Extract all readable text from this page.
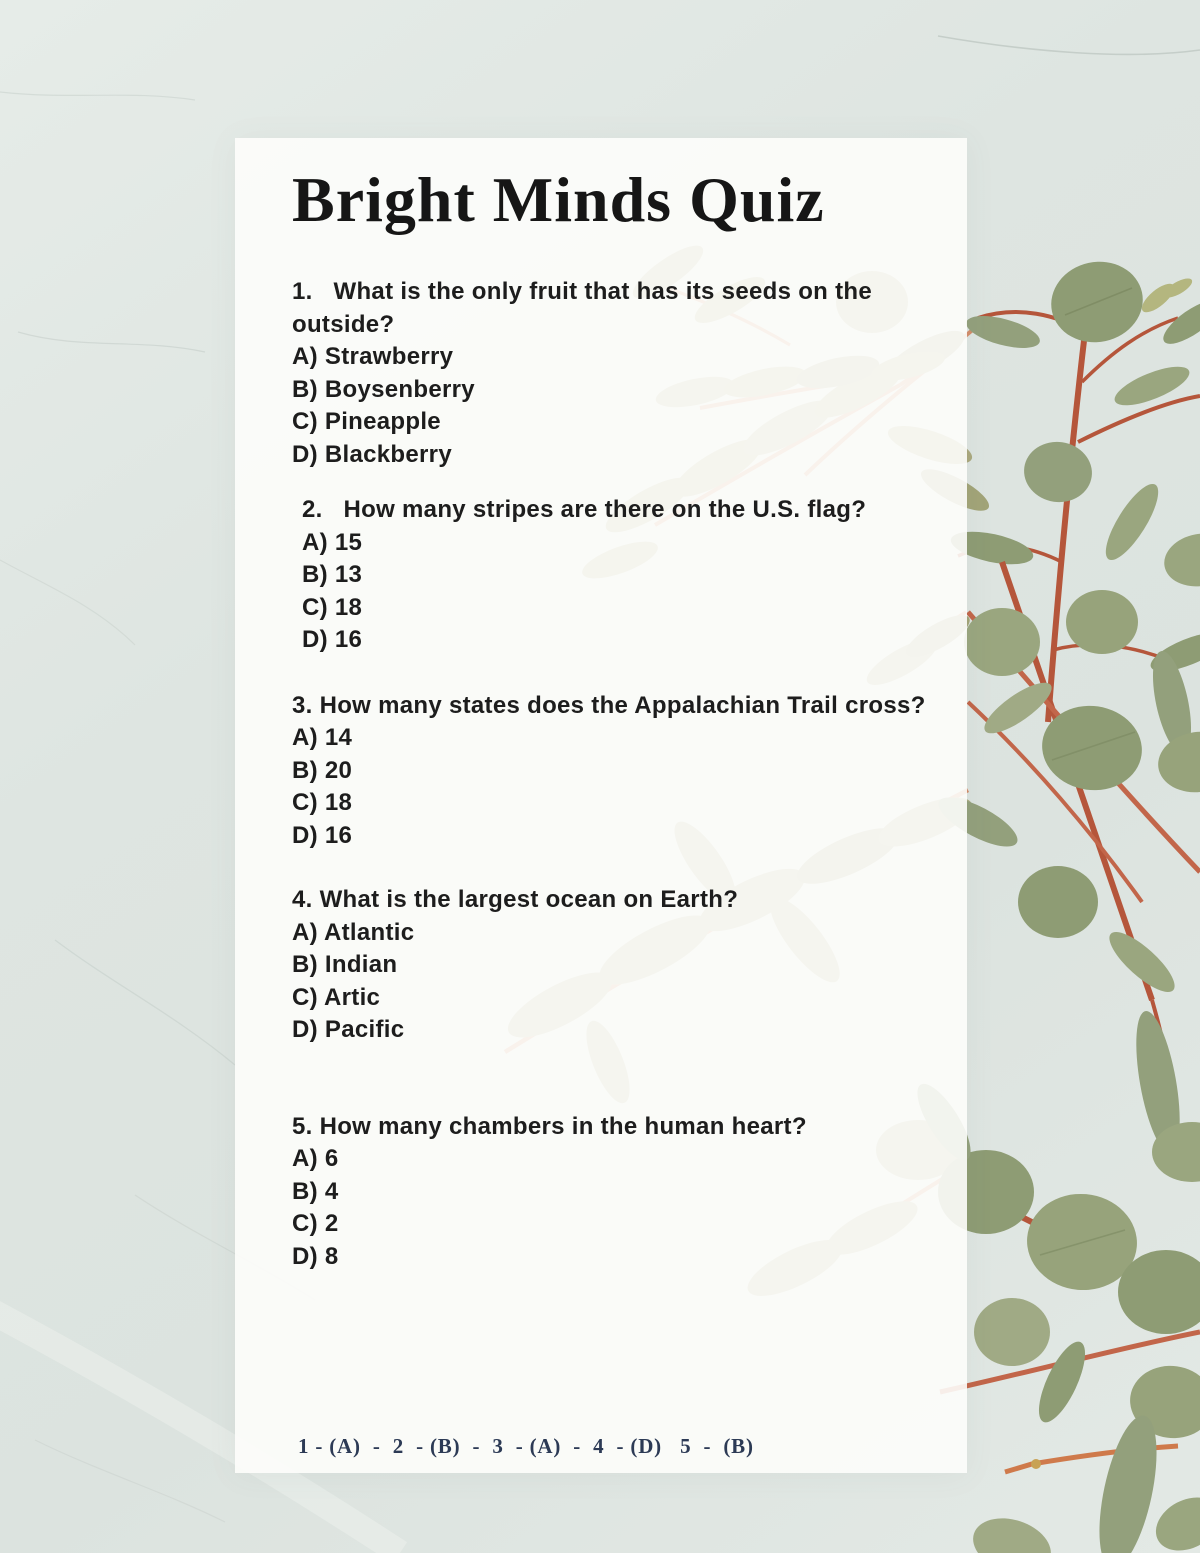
Bright Minds Quiz
1.   What is the only fruit that has its seeds on the
outside?
A) Strawberry
B) Boysenberry
C) Pineapple
D) Blackberry
2.   How many stripes are there on the U.S. flag?
A) 15
B) 13
C) 18
D) 16
3. How many states does the Appalachian Trail cross?
A) 14
B) 20
C) 18
D) 16
4. What is the largest ocean on Earth?
A) Atlantic
B) Indian
C) Artic
D) Pacific
5. How many chambers in the human heart?
A) 6
B) 4
C) 2
D) 8
1 - (A)  -  2  - (B)  -  3  - (A)  -  4  - (D)   5  -  (B)
